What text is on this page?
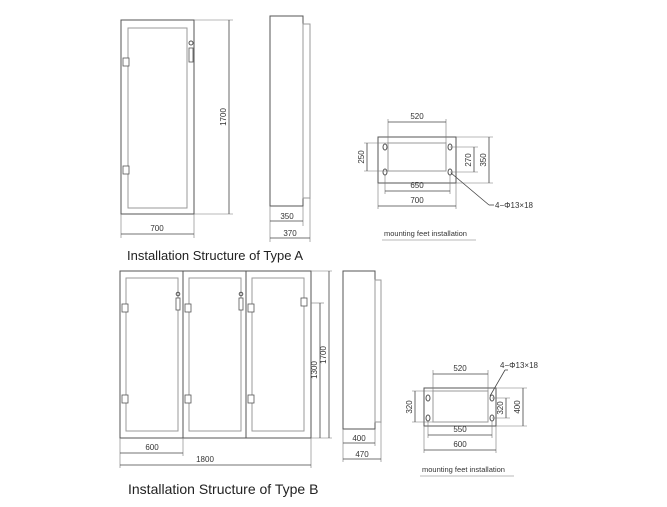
1700
700
350
370
Installation Structure of Type A
520
650
700
250	270 350
4−Φ13×18
mounting feet installation
1300
1700
600
1800
400
470
Installation Structure of Type B
520
550
600
320	320 400
4−Φ13×18
mounting feet installation
